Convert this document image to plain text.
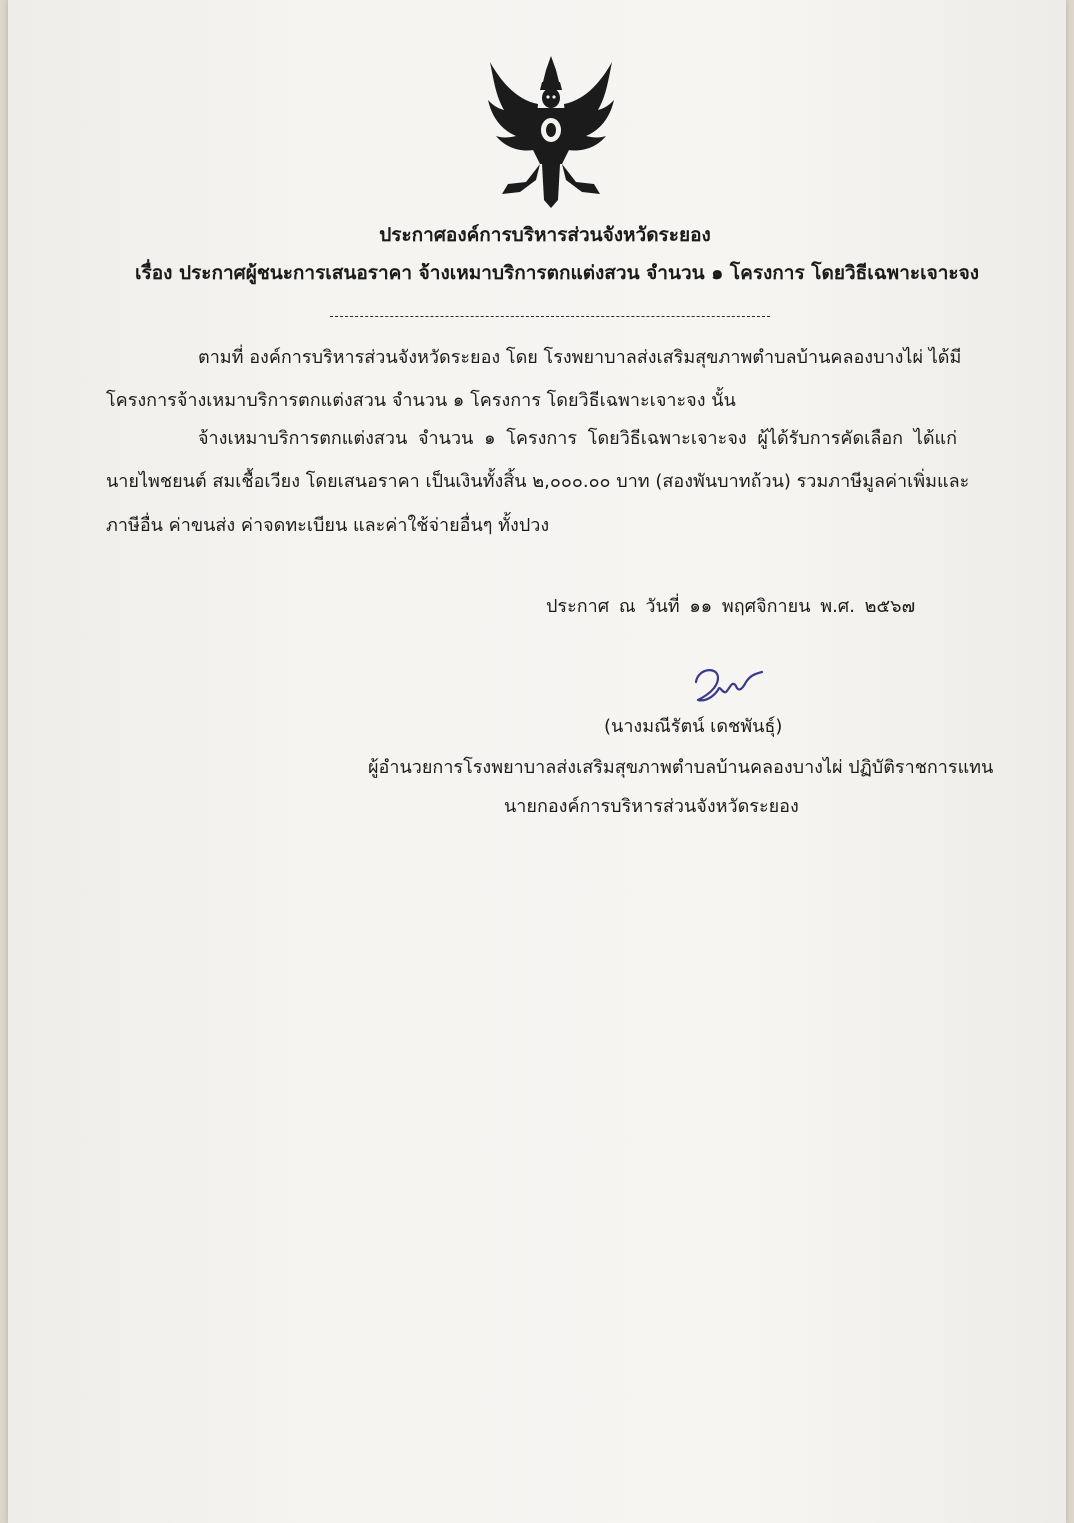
ประกาศองค์การบริหารส่วนจังหวัดระยอง
เรื่อง ประกาศผู้ชนะการเสนอราคา จ้างเหมาบริการตกแต่งสวน จำนวน ๑ โครงการ โดยวิธีเฉพาะเจาะจง
ตามที่ องค์การบริหารส่วนจังหวัดระยอง โดย โรงพยาบาลส่งเสริมสุขภาพตำบลบ้านคลองบางไผ่ ได้มี
โครงการจ้างเหมาบริการตกแต่งสวน จำนวน ๑ โครงการ โดยวิธีเฉพาะเจาะจง นั้น
จ้างเหมาบริการตกแต่งสวน จำนวน ๑ โครงการ โดยวิธีเฉพาะเจาะจง ผู้ได้รับการคัดเลือก ได้แก่
นายไพชยนต์ สมเชื้อเวียง โดยเสนอราคา เป็นเงินทั้งสิ้น ๒,๐๐๐.๐๐ บาท (สองพันบาทถ้วน) รวมภาษีมูลค่าเพิ่มและ
ภาษีอื่น ค่าขนส่ง ค่าจดทะเบียน และค่าใช้จ่ายอื่นๆ ทั้งปวง
ประกาศ ณ วันที่ ๑๑ พฤศจิกายน พ.ศ. ๒๕๖๗
(นางมณีรัตน์ เดชพันธุ์)
ผู้อำนวยการโรงพยาบาลส่งเสริมสุขภาพตำบลบ้านคลองบางไผ่ ปฏิบัติราชการแทน
นายกองค์การบริหารส่วนจังหวัดระยอง
